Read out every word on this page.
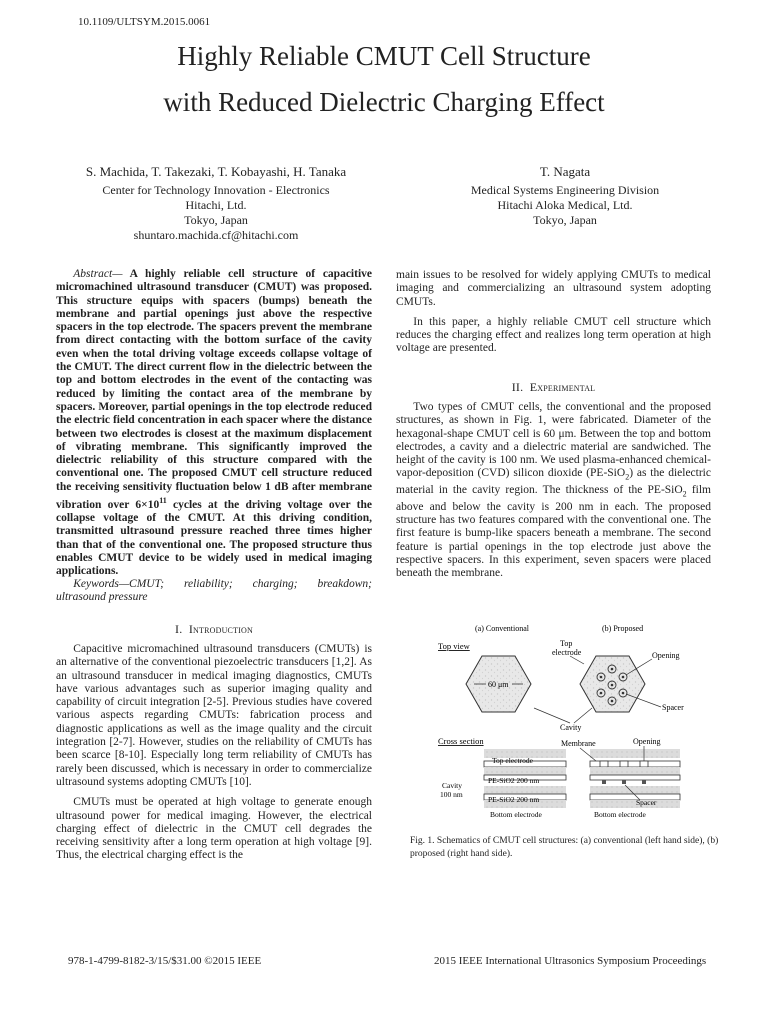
10.1109/ULTSYM.2015.0061
Highly Reliable CMUT Cell Structure
with Reduced Dielectric Charging Effect
S. Machida, T. Takezaki, T. Kobayashi, H. Tanaka
Center for Technology Innovation - Electronics
Hitachi, Ltd.
Tokyo, Japan
shuntaro.machida.cf@hitachi.com
T. Nagata
Medical Systems Engineering Division
Hitachi Aloka Medical, Ltd.
Tokyo, Japan
Abstract— A highly reliable cell structure of capacitive micromachined ultrasound transducer (CMUT) was proposed. This structure equips with spacers (bumps) beneath the membrane and partial openings just above the respective spacers in the top electrode. The spacers prevent the membrane from direct contacting with the bottom surface of the cavity even when the total driving voltage exceeds collapse voltage of the CMUT. The direct current flow in the dielectric between the top and bottom electrodes in the event of the contacting was reduced by limiting the contact area of the membrane by spacers. Moreover, partial openings in the top electrode reduced the electric field concentration in each spacer where the distance between two electrodes is closest at the maximum displacement of vibrating membrane. This significantly improved the dielectric reliability of this structure compared with the conventional one. The proposed CMUT cell structure reduced the receiving sensitivity fluctuation below 1 dB after membrane vibration over $6\times 10^{11}$ cycles at the driving voltage over the collapse voltage of the CMUT. At this driving condition, transmitted ultrasound pressure reached three times higher than that of the conventional one. The proposed structure thus enables CMUT device to be widely used in medical imaging applications.
Keywords—CMUT; reliability; charging; breakdown; ultrasound pressure
I. Introduction

Capacitive micromachined ultrasound transducers (CMUTs) is an alternative of the conventional piezoelectric transducers [1,2]. As an ultrasound transducer in medical imaging diagnostics, CMUTs have various advantages such as superior imaging quality and capability of circuit integration [2-5]. Previous studies have covered various aspects regarding CMUTs: fabrication process and diagnostic applications as well as the image quality and the circuit integration [2-7]. However, studies on the reliability of CMUTs has been scarce [8-10]. Especially long term reliability of CMUTs has rarely been discussed, which is necessary in order to commercialize ultrasound systems adopting CMUTs [10].

CMUTs must be operated at high voltage to generate enough ultrasound power for medical imaging. However, the electrical charging effect of dielectric in the CMUT cell degrades the receiving sensitivity after a long term operation at high voltage [9]. Thus, the electrical charging effect is the

main issues to be resolved for widely applying CMUTs to medical imaging and commercializing an ultrasound system adopting CMUTs.

In this paper, a highly reliable CMUT cell structure which reduces the charging effect and realizes long term operation at high voltage are presented.

II. Experimental

Two types of CMUT cells, the conventional and the proposed structures, as shown in Fig. 1, were fabricated. Diameter of the hexagonal-shape CMUT cell is 60 μm. Between the top and bottom electrodes, a cavity and a dielectric material are sandwiched. The height of the cavity is 100 nm. We used plasma-enhanced chemical-vapor-deposition (CVD) silicon dioxide (PE-SiO$_2$) as the dielectric material in the cavity region. The thickness of the PE-SiO$_2$ film above and below the cavity is 200 nm in each. The proposed structure has two features compared with the conventional one. The first feature is bump-like spacers beneath a membrane. The second feature is partial openings in the top electrode just above the respective spacers. In this experiment, seven spacers were placed beneath the membrane.

(a) Conventional	(b) Proposed
Top view
60 μm
Top electrode	Opening
Spacer
Cavity
Cross section	Membrane	Opening
Top electrode
PE-SiO2 200 nm
Cavity
100 nm
PE-SiO2 200 nm
Bottom electrode
Spacer
Bottom electrode
Fig. 1. Schematics of CMUT cell structures: (a) conventional (left hand side), (b) proposed (right hand side).
978-1-4799-8182-3/15/$31.00 ©2015 IEEE	2015 IEEE International Ultrasonics Symposium Proceedings
